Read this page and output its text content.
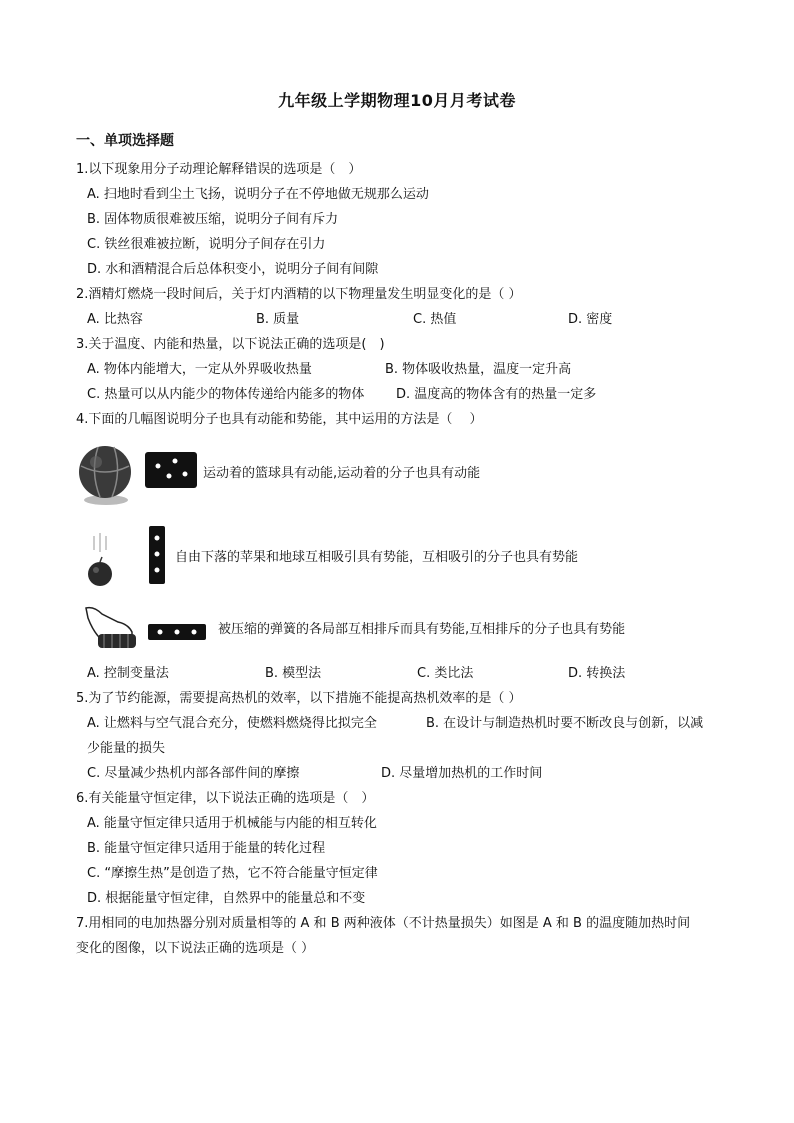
九年级上学期物理10月月考试卷
一、单项选择题
1.以下现象用分子动理论解释错误的选项是（　）
A. 扫地时看到尘土飞扬，说明分子在不停地做无规那么运动
B. 固体物质很难被压缩，说明分子间有斥力
C. 铁丝很难被拉断，说明分子间存在引力
D. 水和酒精混合后总体积变小，说明分子间有间隙
2.酒精灯燃烧一段时间后，关于灯内酒精的以下物理量发生明显变化的是（ ）
A. 比热容	B. 质量	C. 热值	D. 密度
3.关于温度、内能和热量，以下说法正确的选项是(　)
A. 物体内能增大，一定从外界吸收热量	B. 物体吸收热量，温度一定升高
C. 热量可以从内能少的物体传递给内能多的物体 D. 温度高的物体含有的热量一定多
4.下面的几幅图说明分子也具有动能和势能，其中运用的方法是（　 ）
运动着的篮球具有动能,运动着的分子也具有动能
自由下落的苹果和地球互相吸引具有势能，互相吸引的分子也具有势能
被压缩的弹簧的各局部互相排斥而具有势能,互相排斥的分子也具有势能
A. 控制变量法	B. 模型法	C. 类比法	D. 转换法
5.为了节约能源，需要提高热机的效率，以下措施不能提高热机效率的是（ ）
A. 让燃料与空气混合充分，使燃料燃烧得比拟完全	B. 在设计与制造热机时要不断改良与创新，以减
少能量的损失
C. 尽量减少热机内部各部件间的摩擦	D. 尽量增加热机的工作时间
6.有关能量守恒定律，以下说法正确的选项是（　）
A. 能量守恒定律只适用于机械能与内能的相互转化
B. 能量守恒定律只适用于能量的转化过程
C. “摩擦生热”是创造了热，它不符合能量守恒定律
D. 根据能量守恒定律，自然界中的能量总和不变
7.用相同的电加热器分别对质量相等的 A 和 B 两种液体（不计热量损失）如图是 A 和 B 的温度随加热时间
变化的图像，以下说法正确的选项是（ ）
